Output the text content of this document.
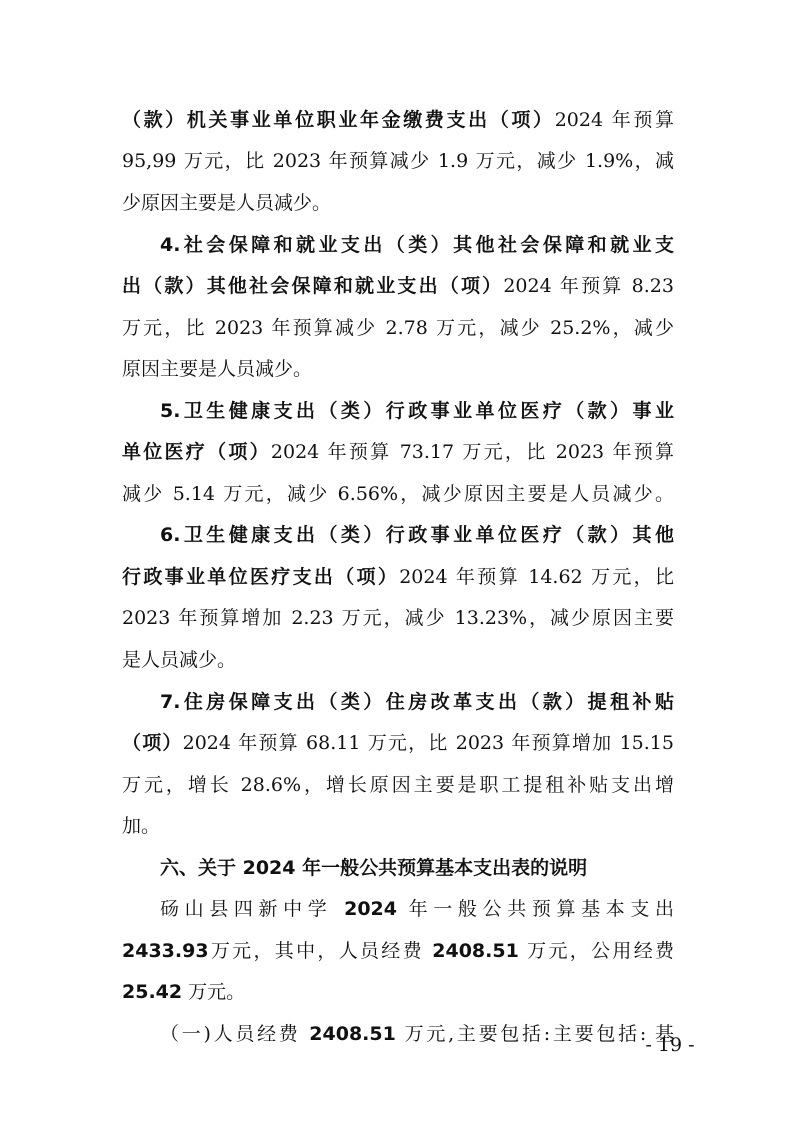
（款）机关事业单位职业年金缴费支出（项）2024 年预算
95,99 万元，比 2023 年预算减少 1.9 万元，减少 1.9%，减
少原因主要是人员减少。
4.社会保障和就业支出（类）其他社会保障和就业支
出（款）其他社会保障和就业支出（项）2024 年预算 8.23
万元，比 2023 年预算减少 2.78 万元，减少 25.2%，减少
原因主要是人员减少。
5.卫生健康支出（类）行政事业单位医疗（款）事业
单位医疗（项）2024 年预算 73.17 万元，比 2023 年预算
减少 5.14 万元，减少 6.56%，减少原因主要是人员减少。
6.卫生健康支出（类）行政事业单位医疗（款）其他
行政事业单位医疗支出（项）2024 年预算 14.62 万元，比
2023 年预算增加 2.23 万元，减少 13.23%，减少原因主要
是人员减少。
7.住房保障支出（类）住房改革支出（款）提租补贴
（项）2024 年预算 68.11 万元，比 2023 年预算增加 15.15
万元，增长 28.6%，增长原因主要是职工提租补贴支出增
加。
六、关于 2024 年一般公共预算基本支出表的说明
砀山县四新中学 2024 年一般公共预算基本支出
2433.93万元，其中，人员经费 2408.51 万元，公用经费
25.42 万元。
（一)人员经费 2408.51 万元,主要包括:主要包括: 基
- 19 -
